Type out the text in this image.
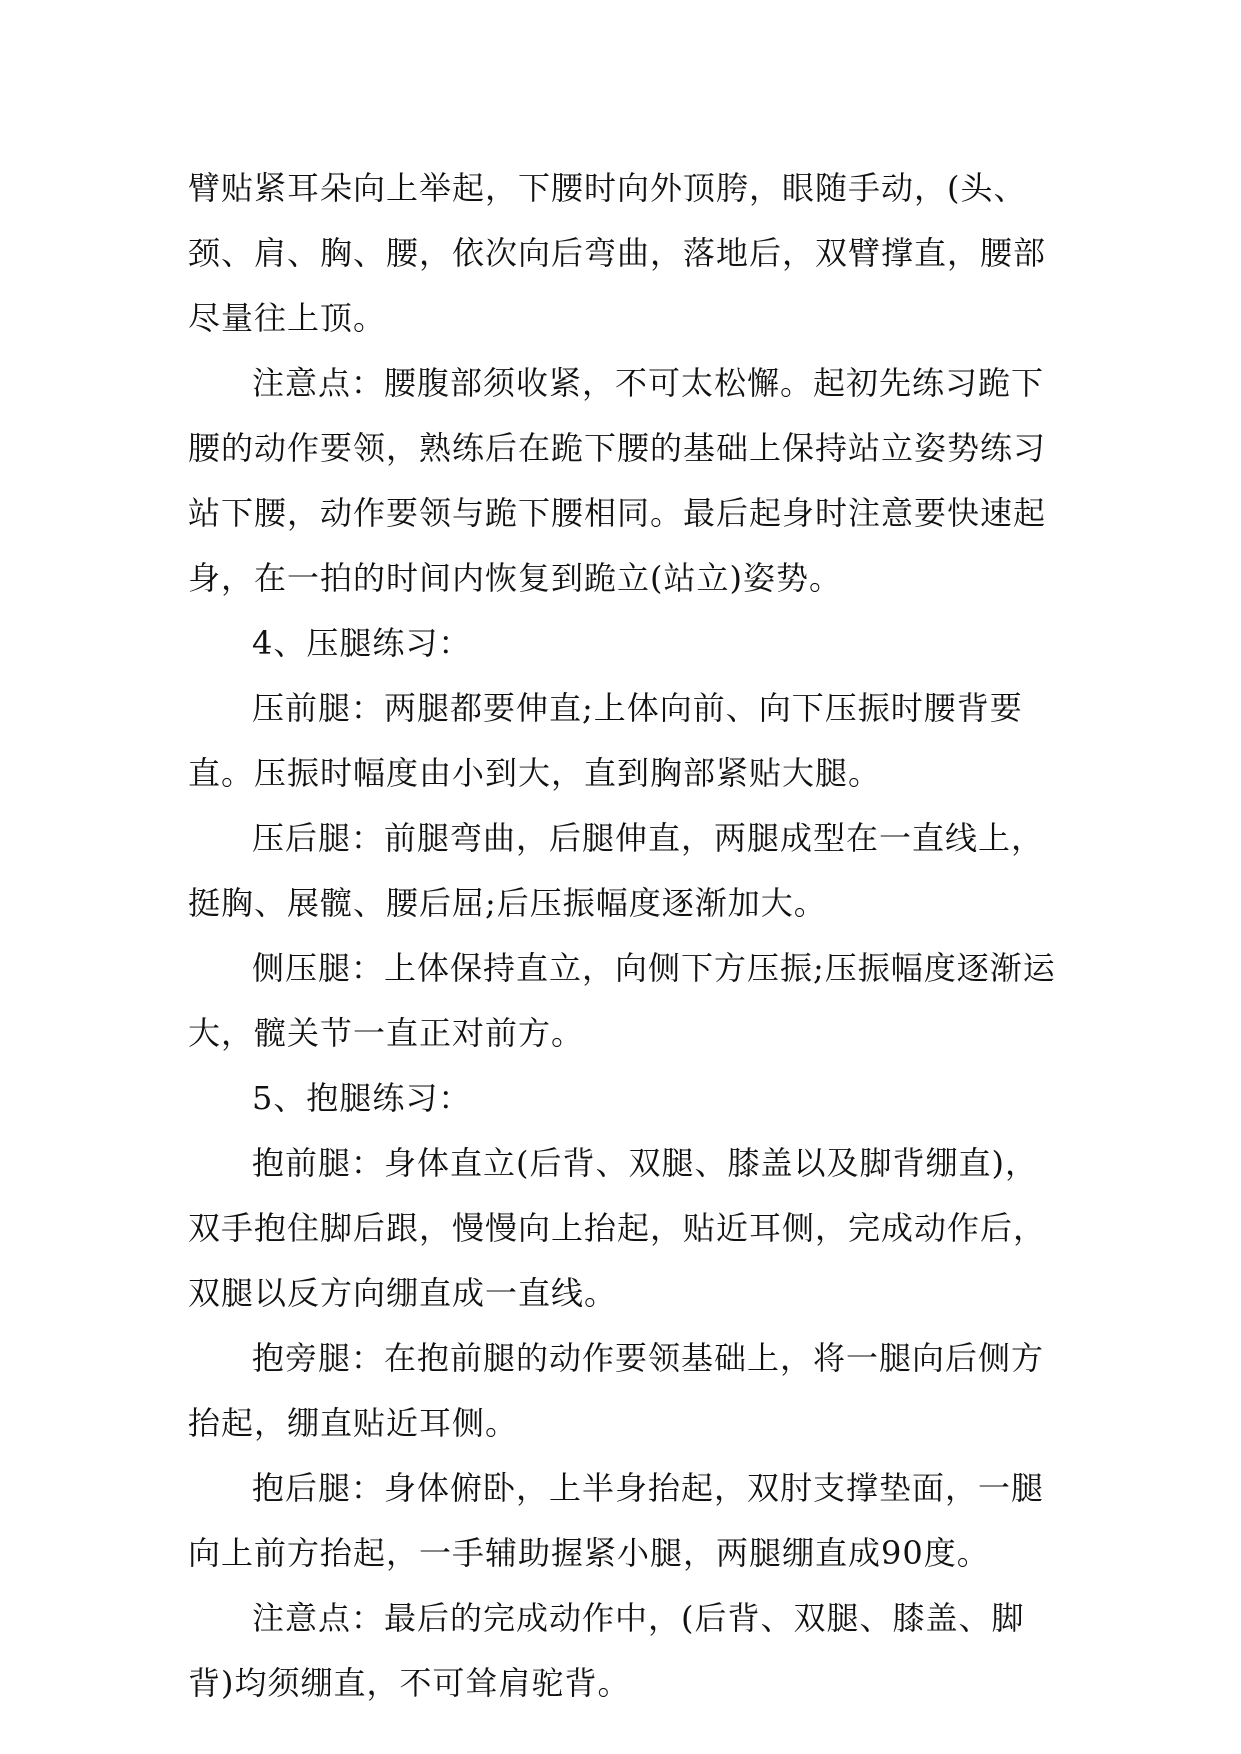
臂贴紧耳朵向上举起，下腰时向外顶胯，眼随手动，(头、颈、肩、胸、腰，依次向后弯曲，落地后，双臂撑直，腰部尽量往上顶。

注意点：腰腹部须收紧，不可太松懈。起初先练习跪下腰的动作要领，熟练后在跪下腰的基础上保持站立姿势练习站下腰，动作要领与跪下腰相同。最后起身时注意要快速起身，在一拍的时间内恢复到跪立(站立)姿势。

4、压腿练习：

压前腿：两腿都要伸直;上体向前、向下压振时腰背要直。压振时幅度由小到大，直到胸部紧贴大腿。

压后腿：前腿弯曲，后腿伸直，两腿成型在一直线上，挺胸、展髋、腰后屈;后压振幅度逐渐加大。

侧压腿：上体保持直立，向侧下方压振;压振幅度逐渐运大，髋关节一直正对前方。

5、抱腿练习：

抱前腿：身体直立(后背、双腿、膝盖以及脚背绷直)，双手抱住脚后跟，慢慢向上抬起，贴近耳侧，完成动作后，双腿以反方向绷直成一直线。

抱旁腿：在抱前腿的动作要领基础上，将一腿向后侧方抬起，绷直贴近耳侧。

抱后腿：身体俯卧，上半身抬起，双肘支撑垫面，一腿向上前方抬起，一手辅助握紧小腿，两腿绷直成90度。

注意点：最后的完成动作中，(后背、双腿、膝盖、脚背)均须绷直，不可耸肩驼背。
